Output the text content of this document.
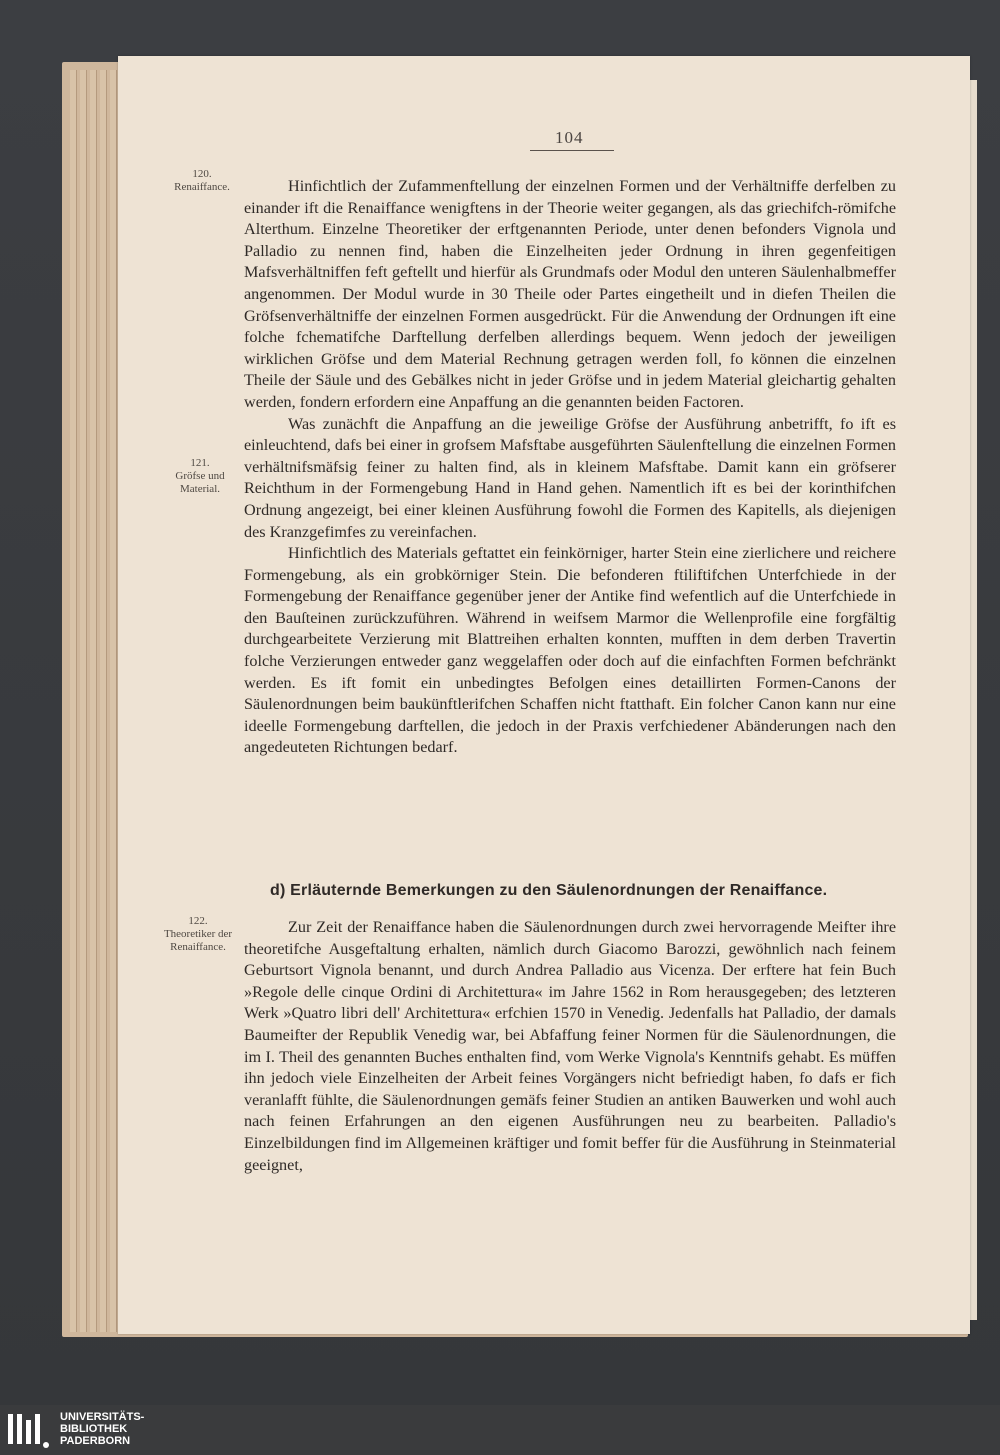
104
120.
Renaiffance.
121.
Gröfse und Material.
122.
Theoretiker der Renaiffance.

Hinfichtlich der Zufammenftellung der einzelnen Formen und der Verhältniffe derfelben zu einander ift die Renaiffance wenigftens in der Theorie weiter gegangen, als das griechifch-römifche Alterthum. Einzelne Theoretiker der erftgenannten Periode, unter denen befonders Vignola und Palladio zu nennen find, haben die Einzelheiten jeder Ordnung in ihren gegenfeitigen Mafsverhältniffen feft geftellt und hierfür als Grundmafs oder Modul den unteren Säulenhalbmeffer angenommen. Der Modul wurde in 30 Theile oder Partes eingetheilt und in diefen Theilen die Gröfsenverhältniffe der einzelnen Formen ausgedrückt. Für die Anwendung der Ordnungen ift eine folche fchematifche Darftellung derfelben allerdings bequem. Wenn jedoch der jeweiligen wirklichen Gröfse und dem Material Rechnung getragen werden foll, fo können die einzelnen Theile der Säule und des Gebälkes nicht in jeder Gröfse und in jedem Material gleichartig gehalten werden, fondern erfordern eine Anpaffung an die genannten beiden Factoren.

Was zunächft die Anpaffung an die jeweilige Gröfse der Ausführung anbetrifft, fo ift es einleuchtend, dafs bei einer in grofsem Mafsftabe ausgeführten Säulenftellung die einzelnen Formen verhältnifsmäfsig feiner zu halten find, als in kleinem Mafsftabe. Damit kann ein gröfserer Reichthum in der Formengebung Hand in Hand gehen. Namentlich ift es bei der korinthifchen Ordnung angezeigt, bei einer kleinen Ausführung fowohl die Formen des Kapitells, als diejenigen des Kranzgefimfes zu vereinfachen.

Hinfichtlich des Materials geftattet ein feinkörniger, harter Stein eine zierlichere und reichere Formengebung, als ein grobkörniger Stein. Die befonderen ftiliftifchen Unterfchiede in der Formengebung der Renaiffance gegenüber jener der Antike find wefentlich auf die Unterfchiede in den Bauſteinen zurückzuführen. Während in weifsem Marmor die Wellenprofile eine forgfältig durchgearbeitete Verzierung mit Blattreihen erhalten konnten, mufften in dem derben Travertin folche Verzierungen entweder ganz weggelaffen oder doch auf die einfachften Formen befchränkt werden. Es ift fomit ein unbedingtes Befolgen eines detaillirten Formen-Canons der Säulenordnungen beim baukünftlerifchen Schaffen nicht ftatthaft. Ein folcher Canon kann nur eine ideelle Formengebung darftellen, die jedoch in der Praxis verfchiedener Abänderungen nach den angedeuteten Richtungen bedarf.

d) Erläuternde Bemerkungen zu den Säulenordnungen der Renaiffance.

Zur Zeit der Renaiffance haben die Säulenordnungen durch zwei hervorragende Meifter ihre theoretifche Ausgeftaltung erhalten, nämlich durch Giacomo Barozzi, gewöhnlich nach feinem Geburtsort Vignola benannt, und durch Andrea Palladio aus Vicenza. Der erftere hat fein Buch »Regole delle cinque Ordini di Architettura« im Jahre 1562 in Rom herausgegeben; des letzteren Werk »Quatro libri dell' Architettura« erfchien 1570 in Venedig. Jedenfalls hat Palladio, der damals Baumeifter der Republik Venedig war, bei Abfaffung feiner Normen für die Säulenordnungen, die im I. Theil des genannten Buches enthalten find, vom Werke Vignola's Kenntnifs gehabt. Es müffen ihn jedoch viele Einzelheiten der Arbeit feines Vorgängers nicht befriedigt haben, fo dafs er fich veranlafft fühlte, die Säulenordnungen gemäfs feiner Studien an antiken Bauwerken und wohl auch nach feinen Erfahrungen an den eigenen Ausführungen neu zu bearbeiten. Palladio's Einzelbildungen find im Allgemeinen kräftiger und fomit beffer für die Ausführung in Steinmaterial geeignet,

UNIVERSITÄTS-
BIBLIOTHEK
PADERBORN
